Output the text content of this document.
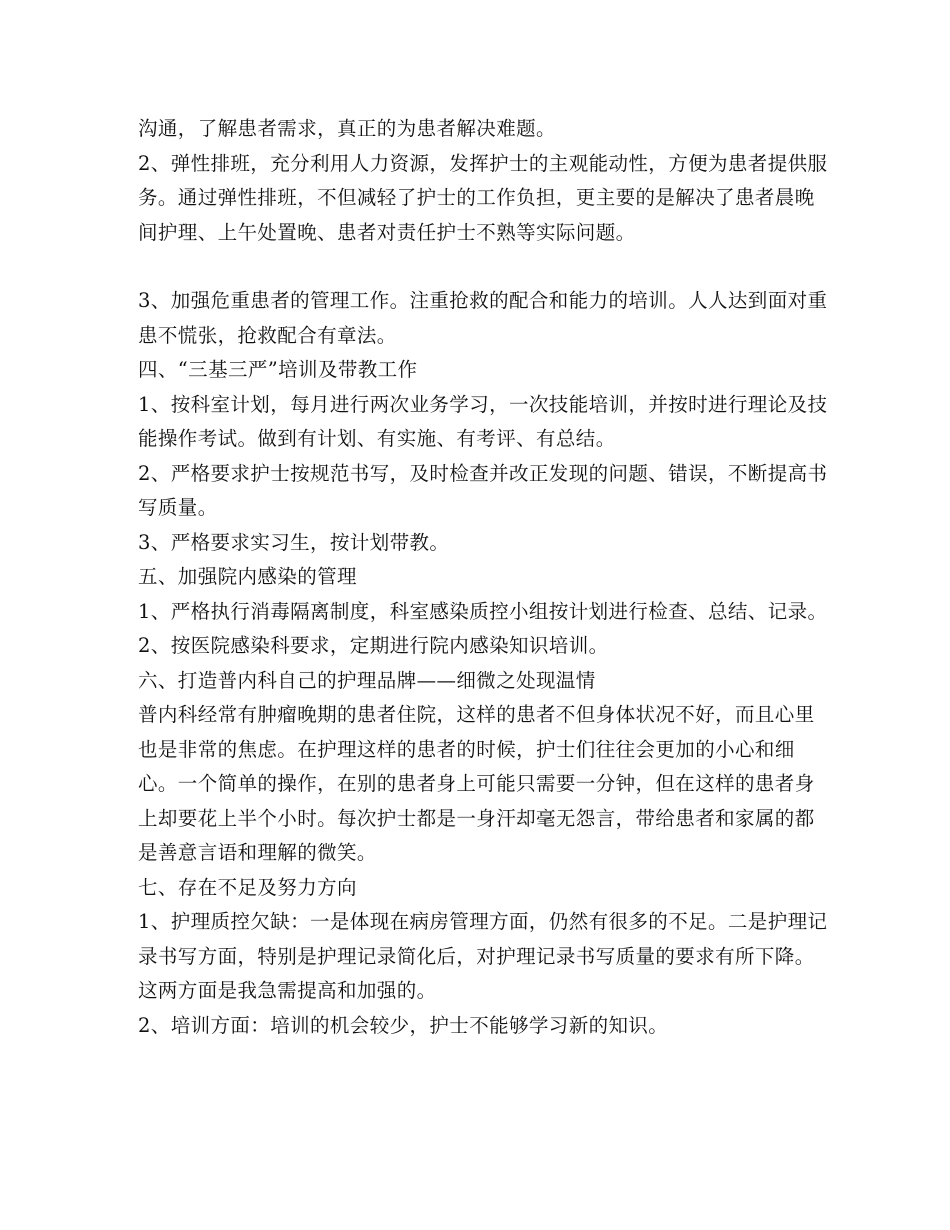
沟通，了解患者需求，真正的为患者解决难题。

2、弹性排班，充分利用人力资源，发挥护士的主观能动性，方便为患者提供服务。通过弹性排班，不但减轻了护士的工作负担，更主要的是解决了患者晨晚间护理、上午处置晚、患者对责任护士不熟等实际问题。

3、加强危重患者的管理工作。注重抢救的配合和能力的培训。人人达到面对重患不慌张，抢救配合有章法。

四、“三基三严”培训及带教工作

1、按科室计划，每月进行两次业务学习，一次技能培训，并按时进行理论及技能操作考试。做到有计划、有实施、有考评、有总结。

2、严格要求护士按规范书写，及时检查并改正发现的问题、错误，不断提高书写质量。

3、严格要求实习生，按计划带教。

五、加强院内感染的管理

1、严格执行消毒隔离制度，科室感染质控小组按计划进行检查、总结、记录。

2、按医院感染科要求，定期进行院内感染知识培训。

六、打造普内科自己的护理品牌——细微之处现温情

普内科经常有肿瘤晚期的患者住院，这样的患者不但身体状况不好，而且心里也是非常的焦虑。在护理这样的患者的时候，护士们往往会更加的小心和细心。一个简单的操作，在别的患者身上可能只需要一分钟，但在这样的患者身上却要花上半个小时。每次护士都是一身汗却毫无怨言，带给患者和家属的都是善意言语和理解的微笑。

七、存在不足及努力方向

1、护理质控欠缺：一是体现在病房管理方面，仍然有很多的不足。二是护理记录书写方面，特别是护理记录简化后，对护理记录书写质量的要求有所下降。这两方面是我急需提高和加强的。

2、培训方面：培训的机会较少，护士不能够学习新的知识。
